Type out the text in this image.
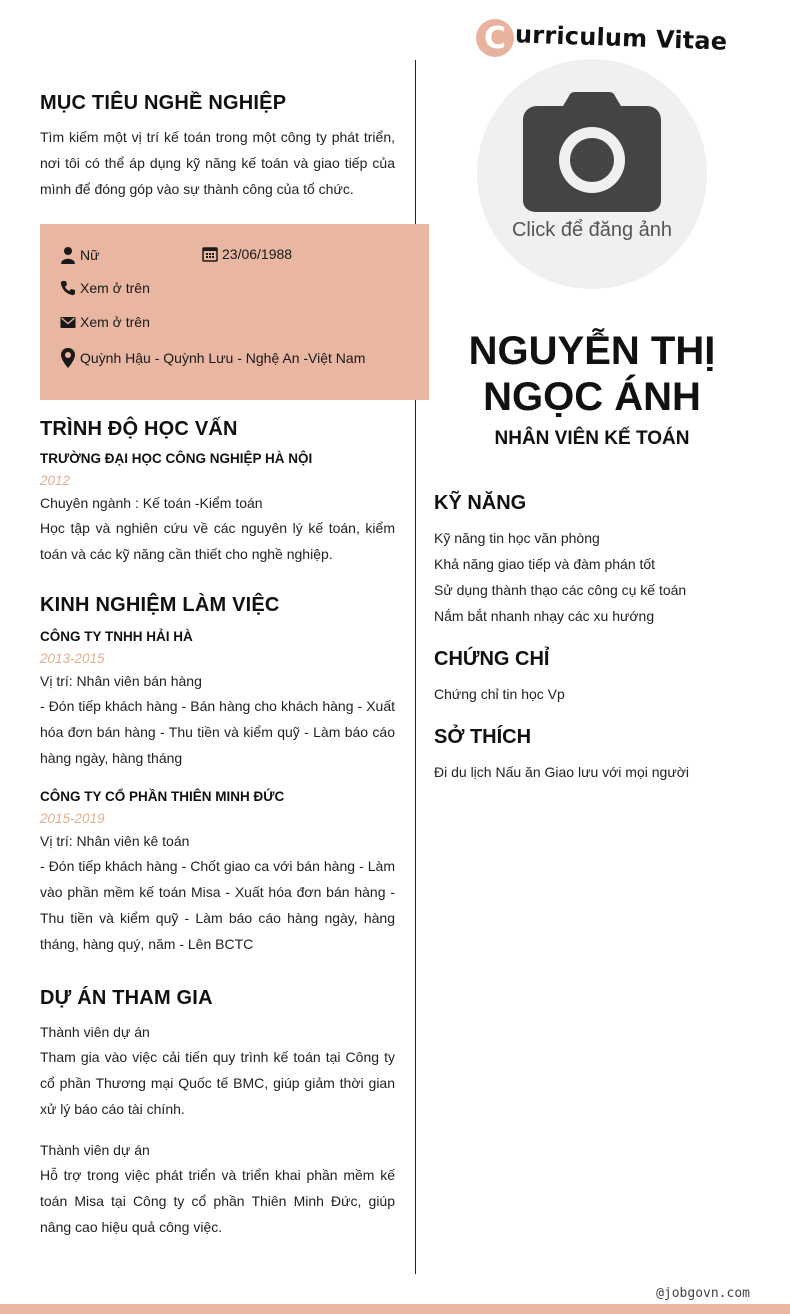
C urriculum Vitae
MỤC TIÊU NGHỀ NGHIỆP
Tìm kiếm một vị trí kế toán trong một công ty phát triển, nơi tôi có thể áp dụng kỹ năng kế toán và giao tiếp của mình để đóng góp vào sự thành công của tổ chức.
Nữ	23/06/1988
Xem ở trên
Xem ở trên
Quỳnh Hậu - Quỳnh Lưu - Nghệ An -Việt Nam
TRÌNH ĐỘ HỌC VẤN
TRƯỜNG ĐẠI HỌC CÔNG NGHIỆP HÀ NỘI
2012
Chuyên ngành : Kế toán -Kiểm toán
Học tập và nghiên cứu về các nguyên lý kế toán, kiểm toán và các kỹ năng cần thiết cho nghề nghiệp.
KINH NGHIỆM LÀM VIỆC
CÔNG TY TNHH HẢI HÀ
2013-2015
Vị trí: Nhân viên bán hàng
- Đón tiếp khách hàng - Bán hàng cho khách hàng - Xuất hóa đơn bán hàng - Thu tiền và kiểm quỹ - Làm báo cáo hàng ngày, hàng tháng
CÔNG TY CỔ PHẦN THIÊN MINH ĐỨC
2015-2019
Vị trí: Nhân viên kê toán
- Đón tiếp khách hàng - Chốt giao ca với bán hàng - Làm vào phần mềm kế toán Misa - Xuất hóa đơn bán hàng - Thu tiền và kiểm quỹ - Làm báo cáo hàng ngày, hàng tháng, hàng quý, năm - Lên BCTC
DỰ ÁN THAM GIA
Thành viên dự án
Tham gia vào việc cải tiến quy trình kế toán tại Công ty cổ phần Thương mại Quốc tế BMC, giúp giảm thời gian xử lý báo cáo tài chính.
Thành viên dự án
Hỗ trợ trong việc phát triển và triển khai phần mềm kế toán Misa tại Công ty cổ phần Thiên Minh Đức, giúp nâng cao hiệu quả công việc.
Click để đăng ảnh
NGUYỄN THỊ
NGỌC ÁNH
NHÂN VIÊN KẾ TOÁN
KỸ NĂNG
Kỹ năng tin học văn phòng
Khả năng giao tiếp và đàm phán tốt
Sử dụng thành thạo các công cụ kế toán
Nắm bắt nhanh nhạy các xu hướng
CHỨNG CHỈ
Chứng chỉ tin học Vp
SỞ THÍCH
Đi du lịch Nấu ăn Giao lưu với mọi người
@jobgovn.com
